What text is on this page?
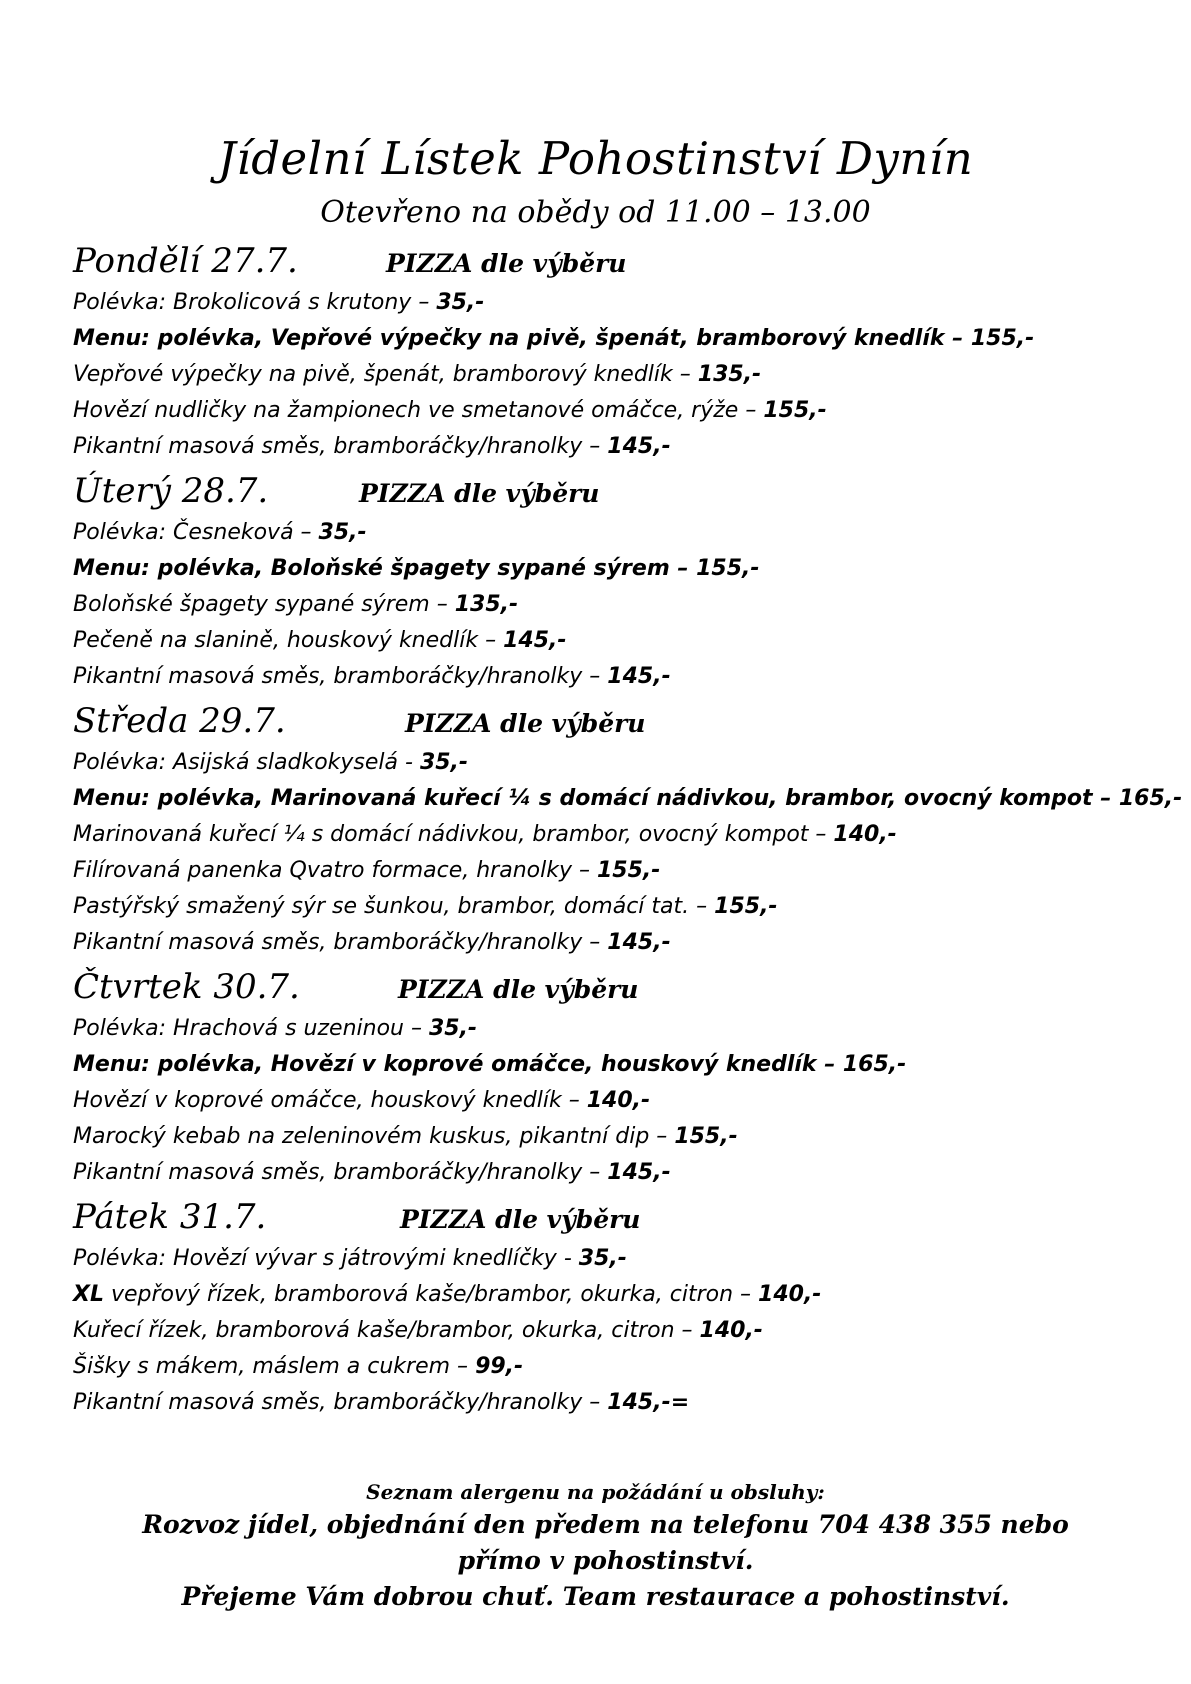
Jídelní Lístek Pohostinství Dynín
Otevřeno na obědy od 11.00 – 13.00
Pondělí 27.7.	PIZZA dle výběru
Polévka: Brokolicová s krutony – 35,-
Menu: polévka, Vepřové výpečky na pivě, špenát, bramborový knedlík – 155,-
Vepřové výpečky na pivě, špenát, bramborový knedlík – 135,-
Hovězí nudličky na žampionech ve smetanové omáčce, rýže – 155,-
Pikantní masová směs, bramboráčky/hranolky – 145,-
Úterý 28.7.	PIZZA dle výběru
Polévka: Česneková – 35,-
Menu: polévka, Boloňské špagety sypané sýrem – 155,-
Boloňské špagety sypané sýrem – 135,-
Pečeně na slanině, houskový knedlík – 145,-
Pikantní masová směs, bramboráčky/hranolky – 145,-
Středa 29.7.	PIZZA dle výběru
Polévka: Asijská sladkokyselá - 35,-
Menu: polévka, Marinovaná kuřecí ¼ s domácí nádivkou, brambor, ovocný kompot – 165,-
Marinovaná kuřecí ¼ s domácí nádivkou, brambor, ovocný kompot – 140,-
Filírovaná panenka Qvatro formace, hranolky – 155,-
Pastýřský smažený sýr se šunkou, brambor, domácí tat. – 155,-
Pikantní masová směs, bramboráčky/hranolky – 145,-
Čtvrtek 30.7.	PIZZA dle výběru
Polévka: Hrachová s uzeninou – 35,-
Menu: polévka, Hovězí v koprové omáčce, houskový knedlík – 165,-
Hovězí v koprové omáčce, houskový knedlík – 140,-
Marocký kebab na zeleninovém kuskus, pikantní dip – 155,-
Pikantní masová směs, bramboráčky/hranolky – 145,-
Pátek 31.7.	PIZZA dle výběru
Polévka: Hovězí vývar s játrovými knedlíčky - 35,-
XL vepřový řízek, bramborová kaše/brambor, okurka, citron – 140,-
Kuřecí řízek, bramborová kaše/brambor, okurka, citron – 140,-
Šišky s mákem, máslem a cukrem – 99,-
Pikantní masová směs, bramboráčky/hranolky – 145,-=
Seznam alergenu na požádání u obsluhy:
Rozvoz jídel, objednání den předem na telefonu 704 438 355 nebo přímo v pohostinství.
Přejeme Vám dobrou chuť. Team restaurace a pohostinství.
